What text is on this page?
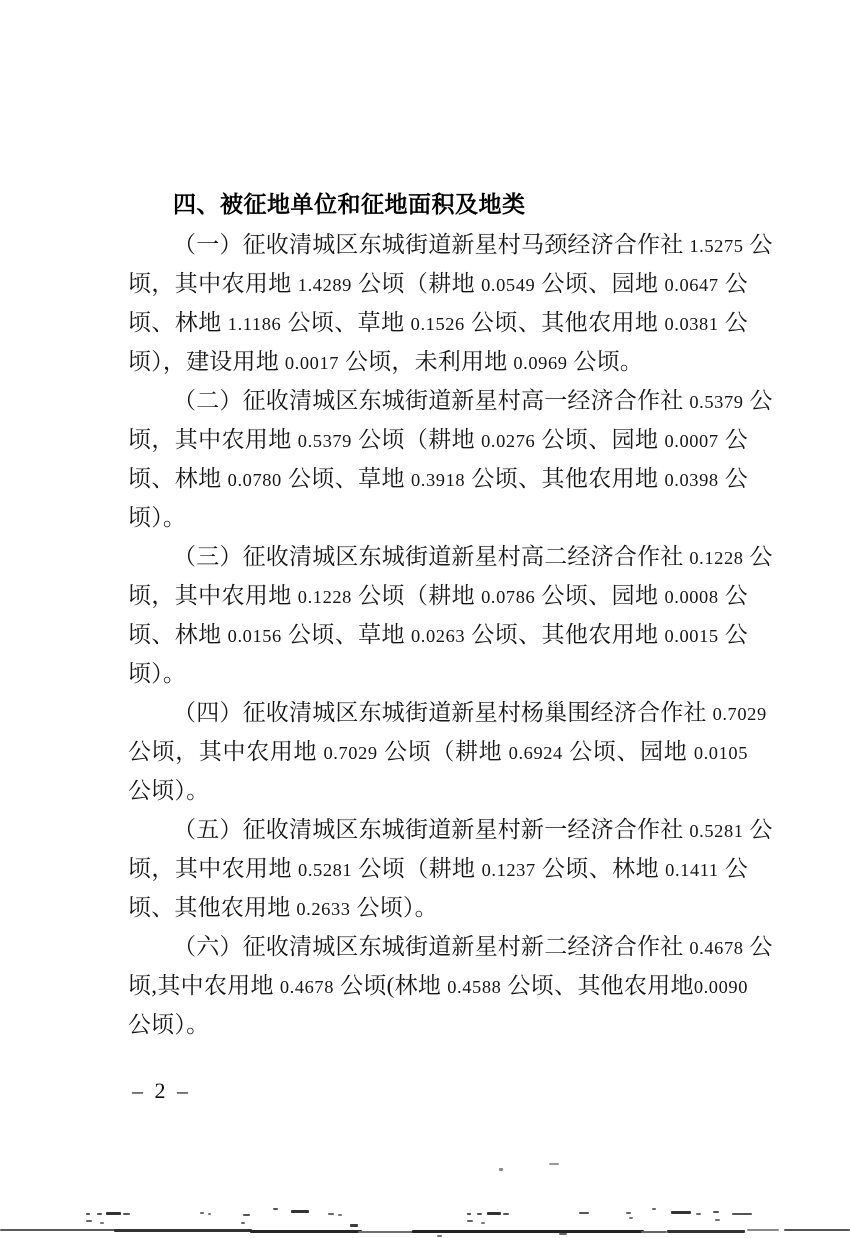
四、被征地单位和征地面积及地类
（一）征收清城区东城街道新星村马颈经济合作社 1.5275 公
顷，其中农用地 1.4289 公顷（耕地 0.0549 公顷、园地 0.0647 公
顷、林地 1.1186 公顷、草地 0.1526 公顷、其他农用地 0.0381 公
顷），建设用地 0.0017 公顷，未利用地 0.0969 公顷。
（二）征收清城区东城街道新星村高一经济合作社 0.5379 公
顷，其中农用地 0.5379 公顷（耕地 0.0276 公顷、园地 0.0007 公
顷、林地 0.0780 公顷、草地 0.3918 公顷、其他农用地 0.0398 公
顷）。
（三）征收清城区东城街道新星村高二经济合作社 0.1228 公
顷，其中农用地 0.1228 公顷（耕地 0.0786 公顷、园地 0.0008 公
顷、林地 0.0156 公顷、草地 0.0263 公顷、其他农用地 0.0015 公
顷）。
（四）征收清城区东城街道新星村杨巢围经济合作社 0.7029
公顷，其中农用地 0.7029 公顷（耕地 0.6924 公顷、园地 0.0105
公顷）。
（五）征收清城区东城街道新星村新一经济合作社 0.5281 公
顷，其中农用地 0.5281 公顷（耕地 0.1237 公顷、林地 0.1411 公
顷、其他农用地 0.2633 公顷）。
（六）征收清城区东城街道新星村新二经济合作社 0.4678 公
顷,其中农用地 0.4678 公顷(林地 0.4588 公顷、其他农用地0.0090
公顷）。
– 2 –
